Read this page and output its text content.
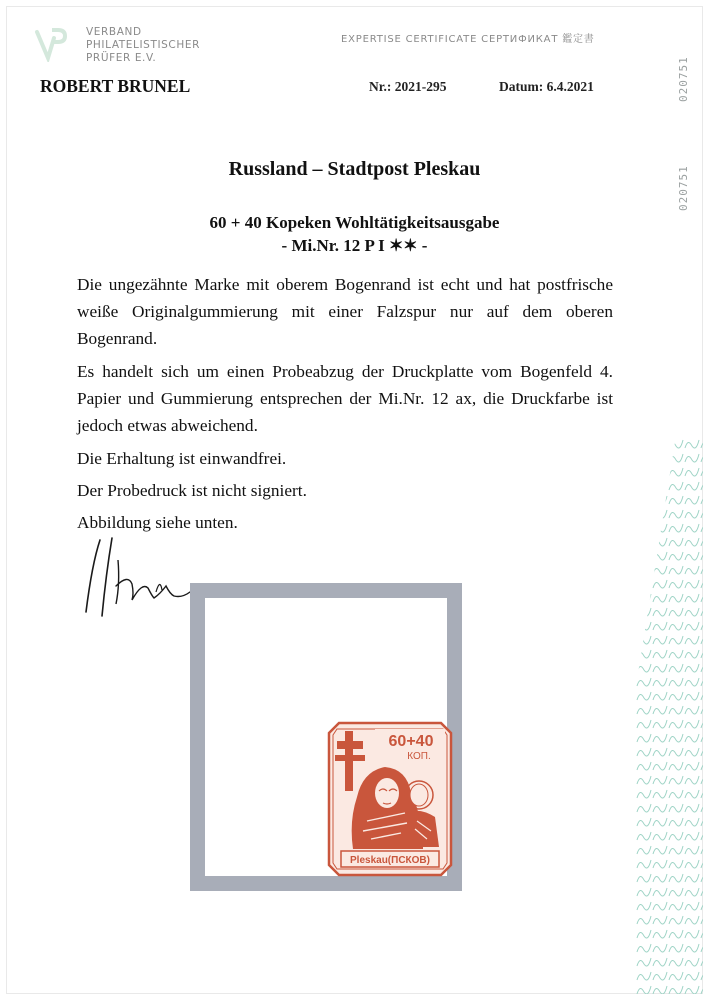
VERBAND
PHILATELISTISCHER
PRÜFER E.V.
EXPERTISE CERTIFICATE СЕРТИФИКАТ 鑑定書
020751
020751
ROBERT BRUNEL	Nr.: 2021-295	Datum: 6.4.2021
Russland – Stadtpost Pleskau
60 + 40 Kopeken Wohltätigkeitsausgabe
- Mi.Nr. 12 P I ✶✶ -

Die ungezähnte Marke mit oberem Bogenrand ist echt und hat postfrische weiße Originalgummierung mit einer Falzspur nur auf dem oberen Bogenrand.

Es handelt sich um einen Probeabzug der Druckplatte vom Bogenfeld 4. Papier und Gummierung entsprechen der Mi.Nr. 12 ax, die Druckfarbe ist jedoch etwas abweichend.

Die Erhaltung ist einwandfrei.

Der Probedruck ist nicht signiert.

Abbildung siehe unten.

60+40
КОП.
Pleskau(ПСКОВ)
